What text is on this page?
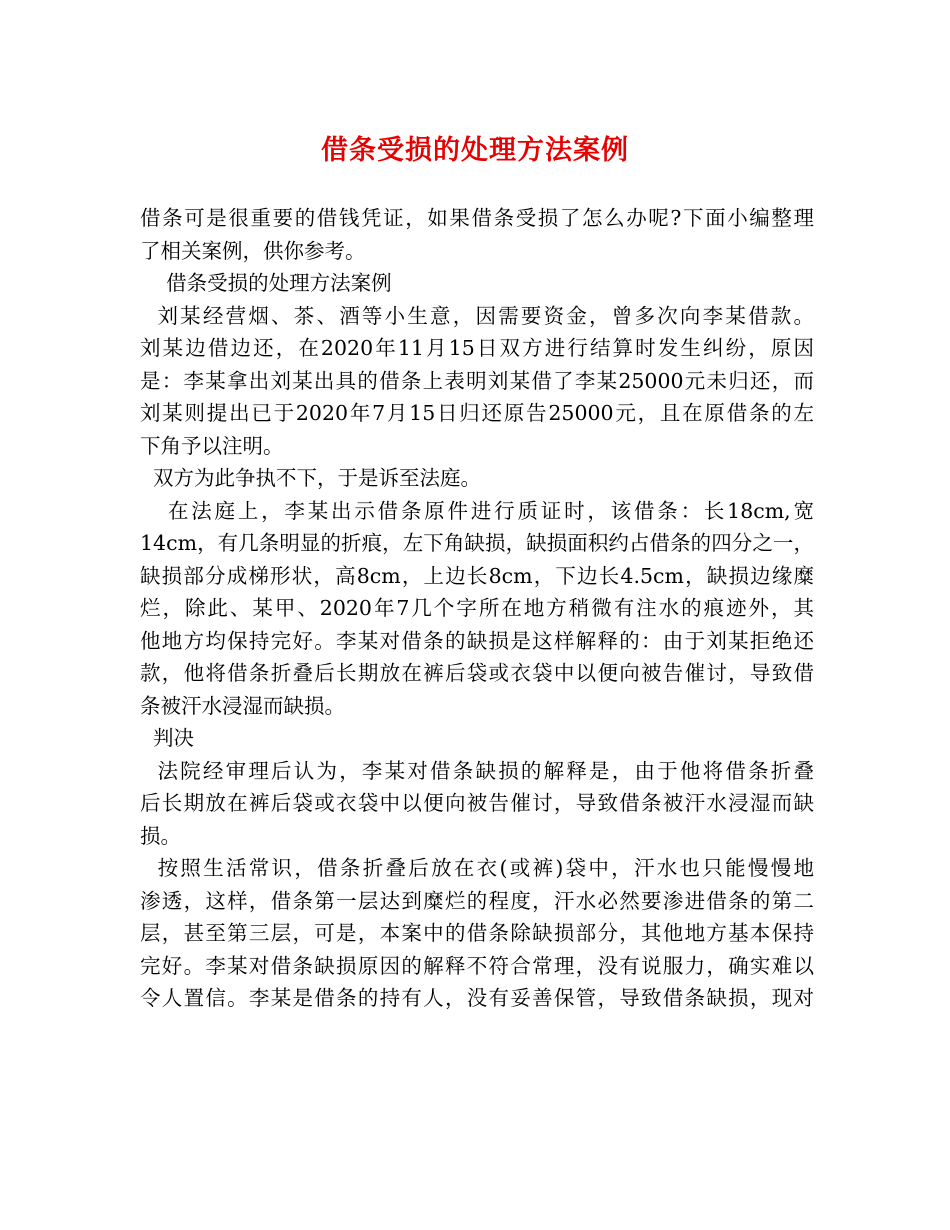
借条受损的处理方法案例
借条可是很重要的借钱凭证，如果借条受损了怎么办呢?下面小编整理
了相关案例，供你参考。
借条受损的处理方法案例
刘某经营烟、茶、酒等小生意，因需要资金，曾多次向李某借款。
刘某边借边还，在2020年11月15日双方进行结算时发生纠纷，原因
是：李某拿出刘某出具的借条上表明刘某借了李某25000元未归还，而
刘某则提出已于2020年7月15日归还原告25000元，且在原借条的左
下角予以注明。
双方为此争执不下，于是诉至法庭。
在法庭上，李某出示借条原件进行质证时，该借条：长18cm,宽
14cm，有几条明显的折痕，左下角缺损，缺损面积约占借条的四分之一，
缺损部分成梯形状，高8cm，上边长8cm，下边长4.5cm，缺损边缘糜
烂，除此、某甲、2020年7几个字所在地方稍微有注水的痕迹外，其
他地方均保持完好。李某对借条的缺损是这样解释的：由于刘某拒绝还
款，他将借条折叠后长期放在裤后袋或衣袋中以便向被告催讨，导致借
条被汗水浸湿而缺损。
判决
法院经审理后认为，李某对借条缺损的解释是，由于他将借条折叠
后长期放在裤后袋或衣袋中以便向被告催讨，导致借条被汗水浸湿而缺
损。
按照生活常识，借条折叠后放在衣(或裤)袋中，汗水也只能慢慢地
渗透，这样，借条第一层达到糜烂的程度，汗水必然要渗进借条的第二
层，甚至第三层，可是，本案中的借条除缺损部分，其他地方基本保持
完好。李某对借条缺损原因的解释不符合常理，没有说服力，确实难以
令人置信。李某是借条的持有人，没有妥善保管，导致借条缺损，现对
